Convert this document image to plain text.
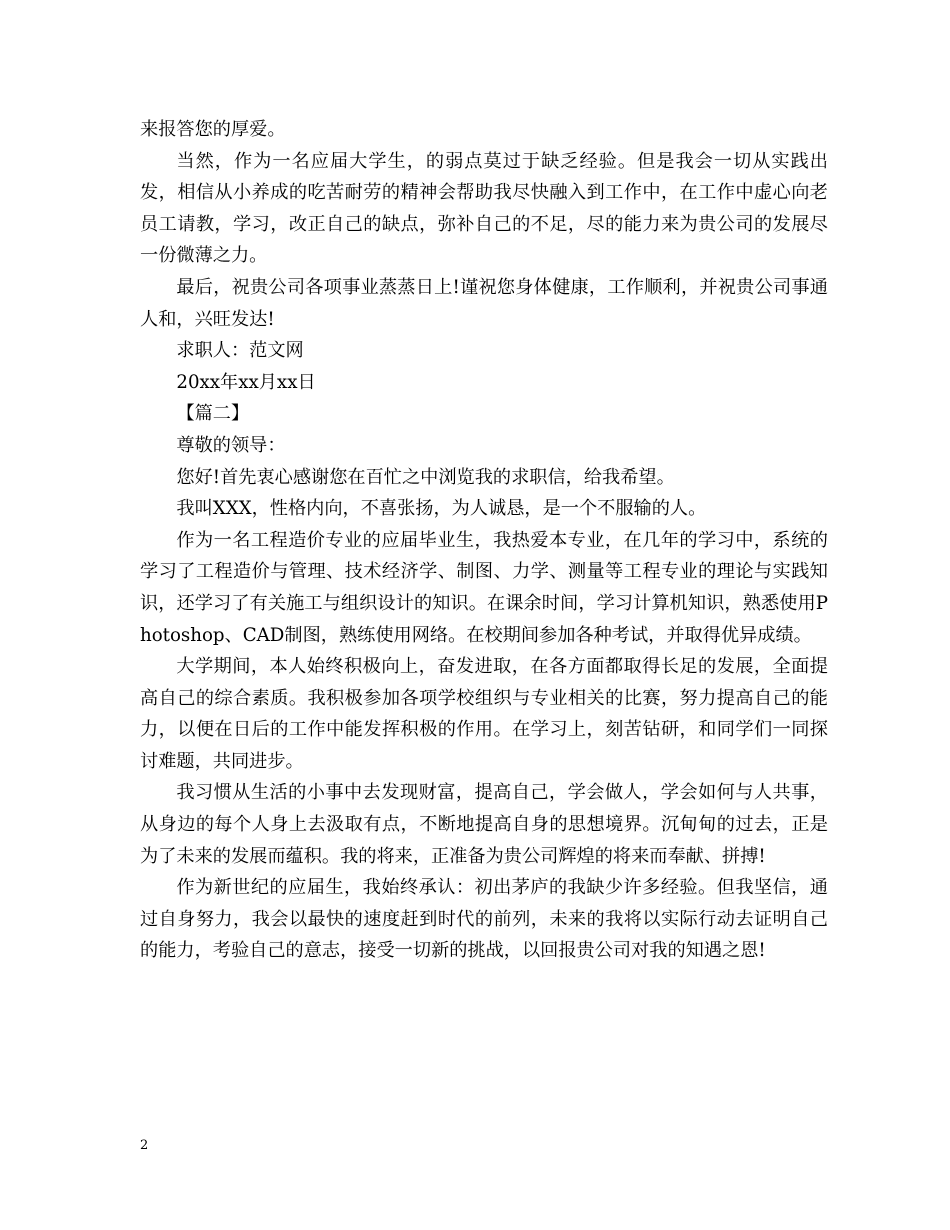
来报答您的厚爱。

当然，作为一名应届大学生，的弱点莫过于缺乏经验。但是我会一切从实践出发，相信从小养成的吃苦耐劳的精神会帮助我尽快融入到工作中，在工作中虚心向老员工请教，学习，改正自己的缺点，弥补自己的不足，尽的能力来为贵公司的发展尽一份微薄之力。

最后，祝贵公司各项事业蒸蒸日上!谨祝您身体健康，工作顺利，并祝贵公司事通人和，兴旺发达!

求职人：范文网

20xx年xx月xx日

【篇二】

尊敬的领导：

您好!首先衷心感谢您在百忙之中浏览我的求职信，给我希望。

我叫XXX，性格内向，不喜张扬，为人诚恳，是一个不服输的人。

作为一名工程造价专业的应届毕业生，我热爱本专业，在几年的学习中，系统的学习了工程造价与管理、技术经济学、制图、力学、测量等工程专业的理论与实践知识，还学习了有关施工与组织设计的知识。在课余时间，学习计算机知识，熟悉使用Photoshop、CAD制图，熟练使用网络。在校期间参加各种考试，并取得优异成绩。

大学期间，本人始终积极向上，奋发进取，在各方面都取得长足的发展，全面提高自己的综合素质。我积极参加各项学校组织与专业相关的比赛，努力提高自己的能力，以便在日后的工作中能发挥积极的作用。在学习上，刻苦钻研，和同学们一同探讨难题，共同进步。

我习惯从生活的小事中去发现财富，提高自己，学会做人，学会如何与人共事，从身边的每个人身上去汲取有点，不断地提高自身的思想境界。沉甸甸的过去，正是为了未来的发展而蕴积。我的将来，正准备为贵公司辉煌的将来而奉献、拼搏!

作为新世纪的应届生，我始终承认：初出茅庐的我缺少许多经验。但我坚信，通过自身努力，我会以最快的速度赶到时代的前列，未来的我将以实际行动去证明自己的能力，考验自己的意志，接受一切新的挑战，以回报贵公司对我的知遇之恩!

2
